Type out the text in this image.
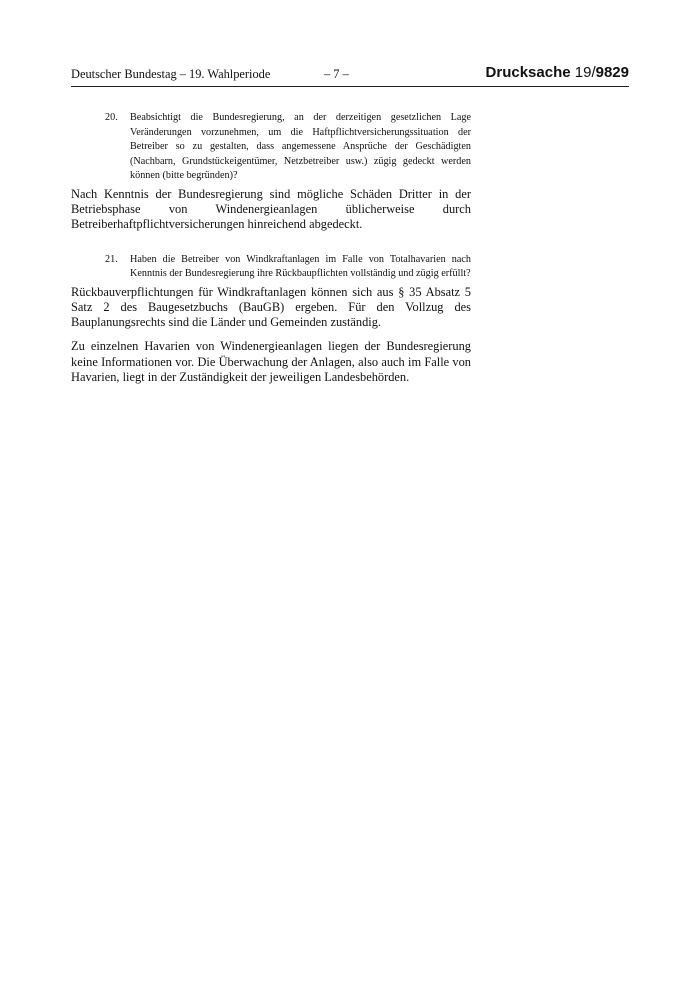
Deutscher Bundestag – 19. Wahlperiode	– 7 –	Drucksache 19/9829
20. Beabsichtigt die Bundesregierung, an der derzeitigen gesetzlichen Lage Veränderungen vorzunehmen, um die Haftpflichtversicherungssituation der Betreiber so zu gestalten, dass angemessene Ansprüche der Geschädigten (Nachbarn, Grundstückeigentümer, Netzbetreiber usw.) zügig gedeckt werden können (bitte begründen)?

Nach Kenntnis der Bundesregierung sind mögliche Schäden Dritter in der Betriebsphase von Windenergieanlagen üblicherweise durch Betreiberhaftpflichtversicherungen hinreichend abgedeckt.

21. Haben die Betreiber von Windkraftanlagen im Falle von Totalhavarien nach Kenntnis der Bundesregierung ihre Rückbaupflichten vollständig und zügig erfüllt?

Rückbauverpflichtungen für Windkraftanlagen können sich aus § 35 Absatz 5 Satz 2 des Baugesetzbuchs (BauGB) ergeben. Für den Vollzug des Bauplanungsrechts sind die Länder und Gemeinden zuständig.

Zu einzelnen Havarien von Windenergieanlagen liegen der Bundesregierung keine Informationen vor. Die Überwachung der Anlagen, also auch im Falle von Havarien, liegt in der Zuständigkeit der jeweiligen Landesbehörden.
